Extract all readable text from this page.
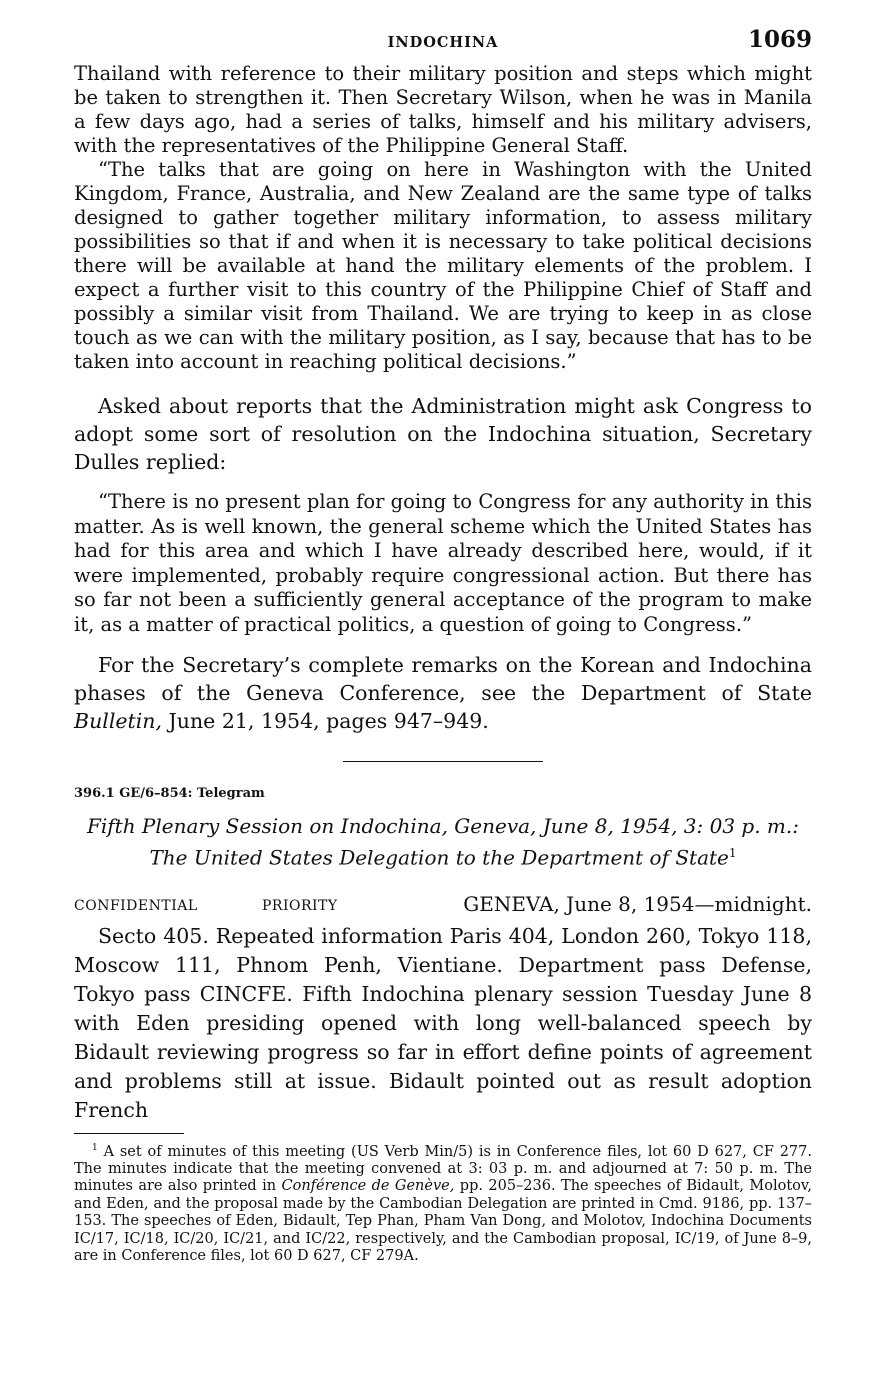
INDOCHINA	1069

Thailand with reference to their military position and steps which might be taken to strengthen it. Then Secretary Wilson, when he was in Manila a few days ago, had a series of talks, himself and his military advisers, with the representatives of the Philippine General Staff.

“The talks that are going on here in Washington with the United Kingdom, France, Australia, and New Zealand are the same type of talks designed to gather together military information, to assess military possibilities so that if and when it is necessary to take political decisions there will be available at hand the military elements of the problem. I expect a further visit to this country of the Philippine Chief of Staff and possibly a similar visit from Thailand. We are trying to keep in as close touch as we can with the military position, as I say, because that has to be taken into account in reaching political decisions.”

Asked about reports that the Administration might ask Congress to adopt some sort of resolution on the Indochina situation, Secretary Dulles replied:

“There is no present plan for going to Congress for any authority in this matter. As is well known, the general scheme which the United States has had for this area and which I have already described here, would, if it were implemented, probably require congressional action. But there has so far not been a sufficiently general acceptance of the program to make it, as a matter of practical politics, a question of going to Congress.”

For the Secretary’s complete remarks on the Korean and Indochina phases of the Geneva Conference, see the Department of State Bulletin, June 21, 1954, pages 947–949.

396.1 GE/6–854: Telegram

Fifth Plenary Session on Indochina, Geneva, June 8, 1954, 3: 03 p. m.:
The United States Delegation to the Department of State$^1$
CONFIDENTIAL	PRIORITY	GENEVA, June 8, 1954—midnight.

Secto 405. Repeated information Paris 404, London 260, Tokyo 118, Moscow 111, Phnom Penh, Vientiane. Department pass Defense, Tokyo pass CINCFE. Fifth Indochina plenary session Tuesday June 8 with Eden presiding opened with long well-balanced speech by Bidault reviewing progress so far in effort define points of agreement and problems still at issue. Bidault pointed out as result adoption French

$^1$ A set of minutes of this meeting (US Verb Min/5) is in Conference files, lot 60 D 627, CF 277. The minutes indicate that the meeting convened at 3: 03 p. m. and adjourned at 7: 50 p. m. The minutes are also printed in Conférence de Genève, pp. 205–236. The speeches of Bidault, Molotov, and Eden, and the proposal made by the Cambodian Delegation are printed in Cmd. 9186, pp. 137–153. The speeches of Eden, Bidault, Tep Phan, Pham Van Dong, and Molotov, Indochina Documents IC/17, IC/18, IC/20, IC/21, and IC/22, respectively, and the Cambodian proposal, IC/19, of June 8–9, are in Conference files, lot 60 D 627, CF 279A.
